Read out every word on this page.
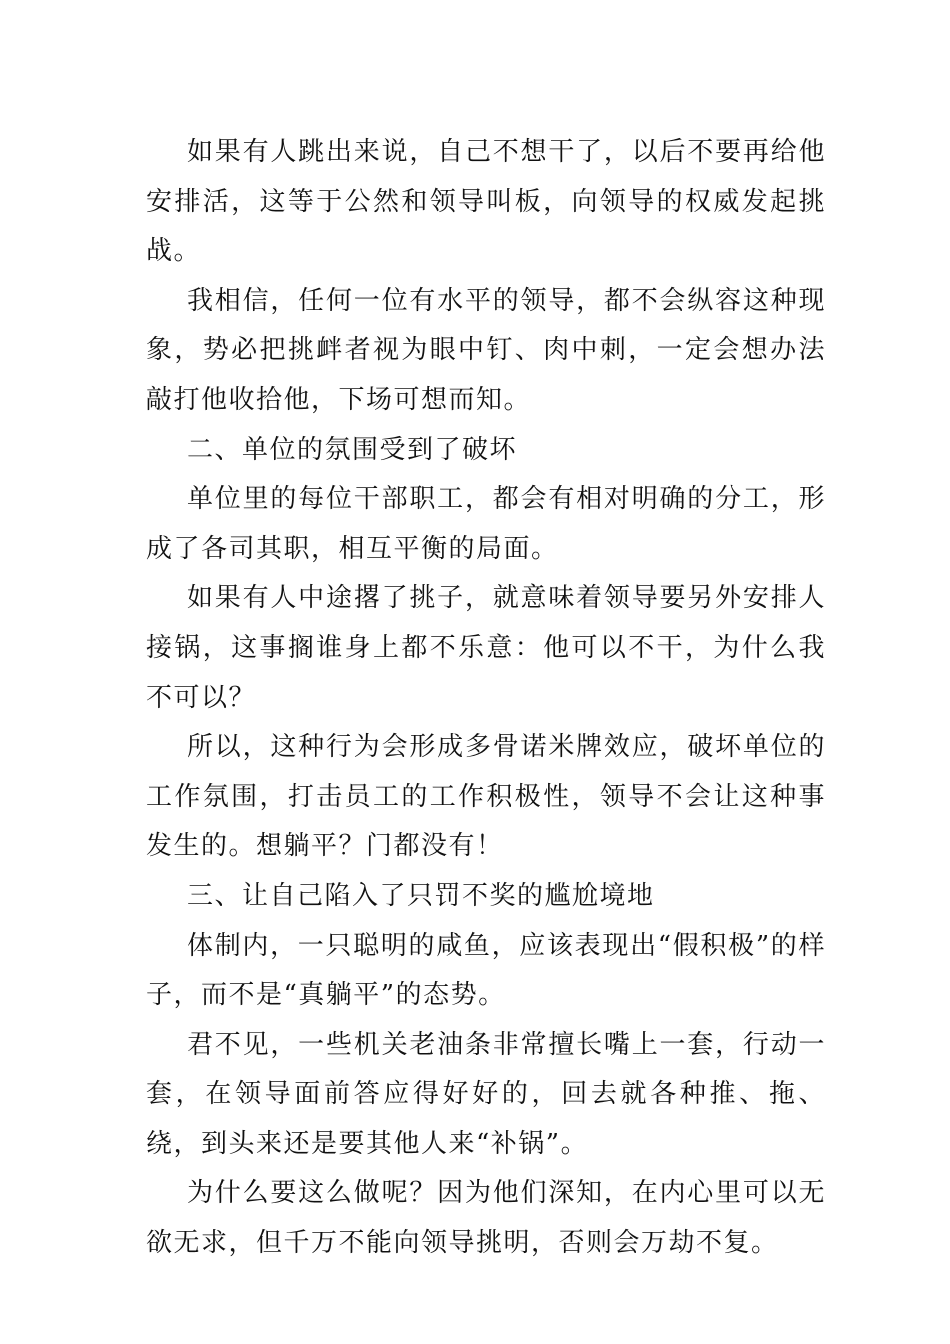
如果有人跳出来说，自己不想干了，以后不要再给他安排活，这等于公然和领导叫板，向领导的权威发起挑战。

我相信，任何一位有水平的领导，都不会纵容这种现象，势必把挑衅者视为眼中钉、肉中刺，一定会想办法敲打他收拾他，下场可想而知。

二、单位的氛围受到了破坏

单位里的每位干部职工，都会有相对明确的分工，形成了各司其职，相互平衡的局面。

如果有人中途撂了挑子，就意味着领导要另外安排人接锅，这事搁谁身上都不乐意：他可以不干，为什么我不可以？

所以，这种行为会形成多骨诺米牌效应，破坏单位的工作氛围，打击员工的工作积极性，领导不会让这种事发生的。想躺平？门都没有！

三、让自己陷入了只罚不奖的尴尬境地

体制内，一只聪明的咸鱼，应该表现出“假积极”的样子，而不是“真躺平”的态势。

君不见，一些机关老油条非常擅长嘴上一套，行动一套，在领导面前答应得好好的，回去就各种推、拖、绕，到头来还是要其他人来“补锅”。

为什么要这么做呢？因为他们深知，在内心里可以无欲无求，但千万不能向领导挑明，否则会万劫不复。
